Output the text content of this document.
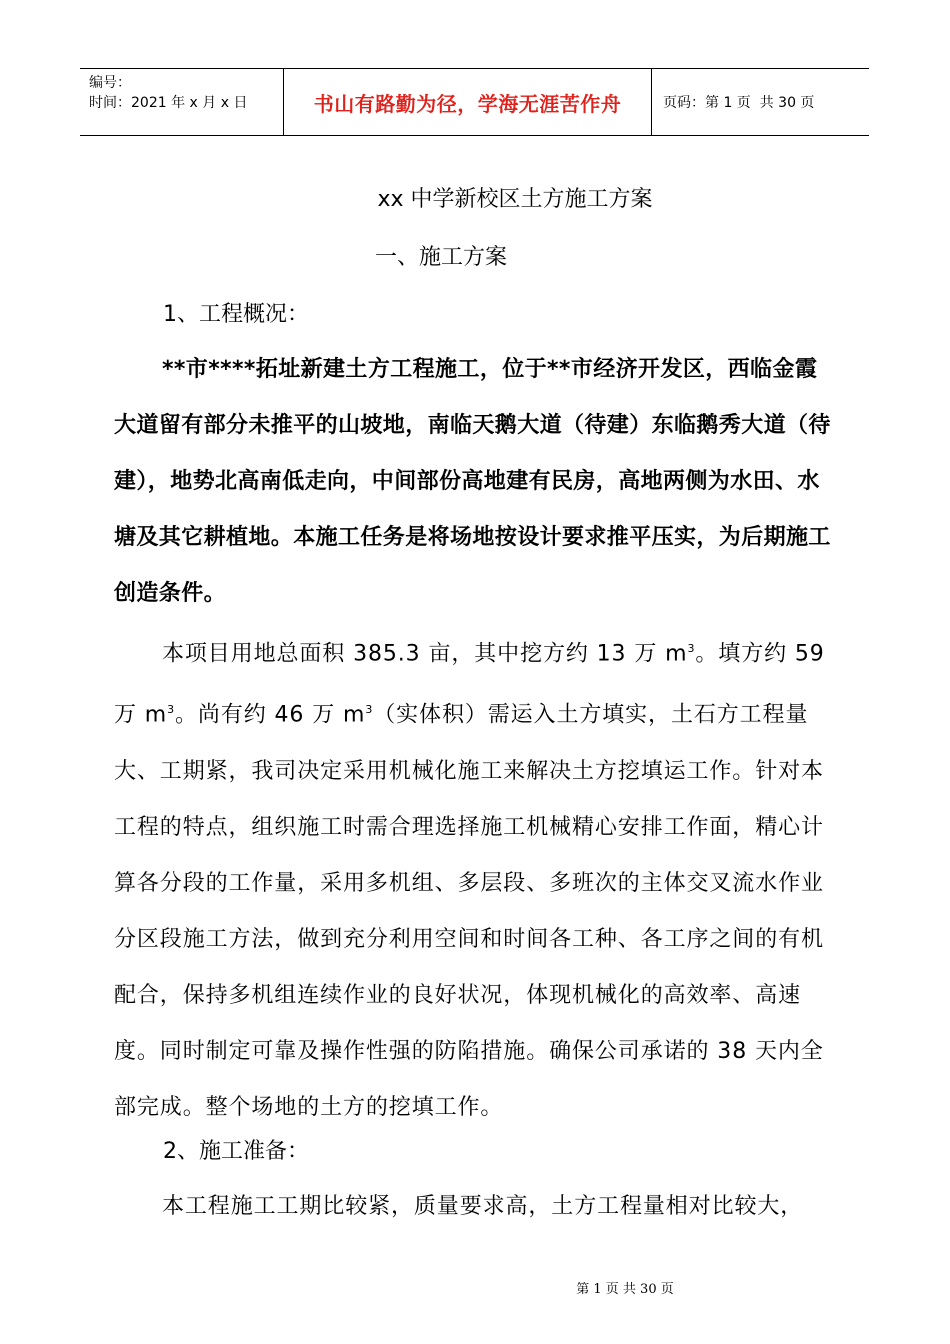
编号：
时间：2021 年 x 月 x 日	书山有路勤为径，学海无涯苦作舟	页码：第 1 页  共 30 页
xx 中学新校区土方施工方案
一、施工方案
1、工程概况：

**市****拓址新建土方工程施工，位于**市经济开发区，西临金霞大道留有部分未推平的山坡地，南临天鹅大道（待建）东临鹅秀大道（待建），地势北高南低走向，中间部份高地建有民房，高地两侧为水田、水塘及其它耕植地。本施工任务是将场地按设计要求推平压实，为后期施工创造条件。

本项目用地总面积 385.3 亩，其中挖方约 13 万 $m^3$。填方约 59 万 $m^3$。尚有约 46 万 $m^3$（实体积）需运入土方填实，土石方工程量大、工期紧，我司决定采用机械化施工来解决土方挖填运工作。针对本工程的特点，组织施工时需合理选择施工机械精心安排工作面，精心计算各分段的工作量，采用多机组、多层段、多班次的主体交叉流水作业分区段施工方法，做到充分利用空间和时间各工种、各工序之间的有机配合，保持多机组连续作业的良好状况，体现机械化的高效率、高速度。同时制定可靠及操作性强的防陷措施。确保公司承诺的 38 天内全部完成。整个场地的土方的挖填工作。

2、施工准备：

本工程施工工期比较紧，质量要求高，土方工程量相对比较大，

第 1 页 共 30 页
